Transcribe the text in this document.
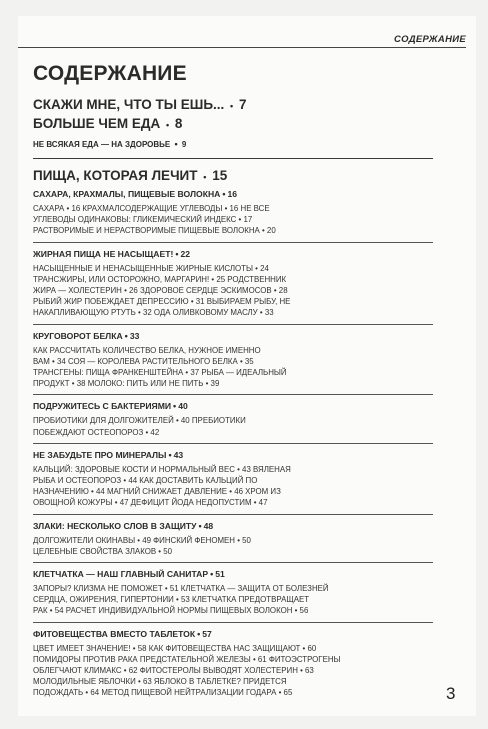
СОДЕРЖАНИЕ
СОДЕРЖАНИЕ

СКАЖИ МНЕ, ЧТО ТЫ ЕШЬ... • 7

БОЛЬШЕ ЧЕМ ЕДА • 8

НЕ ВСЯКАЯ ЕДА — НА ЗДОРОВЬЕ • 9

ПИЩА, КОТОРАЯ ЛЕЧИТ • 15

САХАРА, КРАХМАЛЫ, ПИЩЕВЫЕ ВОЛОКНА • 16

САХАРА • 16 КРАХМАЛСОДЕРЖАЩИЕ УГЛЕВОДЫ • 16 НЕ ВСЕ
УГЛЕВОДЫ ОДИНАКОВЫ: ГЛИКЕМИЧЕСКИЙ ИНДЕКС • 17
РАСТВОРИМЫЕ И НЕРАСТВОРИМЫЕ ПИЩЕВЫЕ ВОЛОКНА • 20

ЖИРНАЯ ПИЩА НЕ НАСЫЩАЕТ! • 22

НАСЫЩЕННЫЕ И НЕНАСЫЩЕННЫЕ ЖИРНЫЕ КИСЛОТЫ • 24
ТРАНСЖИРЫ, ИЛИ ОСТОРОЖНО, МАРГАРИН! • 25 РОДСТВЕННИК
ЖИРА — ХОЛЕСТЕРИН • 26 ЗДОРОВОЕ СЕРДЦЕ ЭСКИМОСОВ • 28
РЫБИЙ ЖИР ПОБЕЖДАЕТ ДЕПРЕССИЮ • 31 ВЫБИРАЕМ РЫБУ, НЕ
НАКАПЛИВАЮЩУЮ РТУТЬ • 32 ОДА ОЛИВКОВОМУ МАСЛУ • 33

КРУГОВОРОТ БЕЛКА • 33

КАК РАССЧИТАТЬ КОЛИЧЕСТВО БЕЛКА, НУЖНОЕ ИМЕННО
ВАМ • 34 СОЯ — КОРОЛЕВА РАСТИТЕЛЬНОГО БЕЛКА • 35
ТРАНСГЕНЫ: ПИЩА ФРАНКЕНШТЕЙНА • 37 РЫБА — ИДЕАЛЬНЫЙ
ПРОДУКТ • 38 МОЛОКО: ПИТЬ ИЛИ НЕ ПИТЬ • 39

ПОДРУЖИТЕСЬ С БАКТЕРИЯМИ • 40

ПРОБИОТИКИ ДЛЯ ДОЛГОЖИТЕЛЕЙ • 40 ПРЕБИОТИКИ
ПОБЕЖДАЮТ ОСТЕОПОРОЗ • 42

НЕ ЗАБУДЬТЕ ПРО МИНЕРАЛЫ • 43

КАЛЬЦИЙ: ЗДОРОВЫЕ КОСТИ И НОРМАЛЬНЫЙ ВЕС • 43 ВЯЛЕНАЯ
РЫБА И ОСТЕОПОРОЗ • 44 КАК ДОСТАВИТЬ КАЛЬЦИЙ ПО
НАЗНАЧЕНИЮ • 44 МАГНИЙ СНИЖАЕТ ДАВЛЕНИЕ • 46 ХРОМ ИЗ
ОВОЩНОЙ КОЖУРЫ • 47 ДЕФИЦИТ ЙОДА НЕДОПУСТИМ • 47

ЗЛАКИ: НЕСКОЛЬКО СЛОВ В ЗАЩИТУ • 48

ДОЛГОЖИТЕЛИ ОКИНАВЫ • 49 ФИНСКИЙ ФЕНОМЕН • 50
ЦЕЛЕБНЫЕ СВОЙСТВА ЗЛАКОВ • 50

КЛЕТЧАТКА — НАШ ГЛАВНЫЙ САНИТАР • 51

ЗАПОРЫ? КЛИЗМА НЕ ПОМОЖЕТ • 51 КЛЕТЧАТКА — ЗАЩИТА ОТ БОЛЕЗНЕЙ
СЕРДЦА, ОЖИРЕНИЯ, ГИПЕРТОНИИ • 53 КЛЕТЧАТКА ПРЕДОТВРАЩАЕТ
РАК • 54 РАСЧЕТ ИНДИВИДУАЛЬНОЙ НОРМЫ ПИЩЕВЫХ ВОЛОКОН • 56

ФИТОВЕЩЕСТВА ВМЕСТО ТАБЛЕТОК • 57

ЦВЕТ ИМЕЕТ ЗНАЧЕНИЕ! • 58 КАК ФИТОВЕЩЕСТВА НАС ЗАЩИЩАЮТ • 60
ПОМИДОРЫ ПРОТИВ РАКА ПРЕДСТАТЕЛЬНОЙ ЖЕЛЕЗЫ • 61 ФИТОЭСТРОГЕНЫ
ОБЛЕГЧАЮТ КЛИМАКС • 62 ФИТОСТЕРОЛЫ ВЫВОДЯТ ХОЛЕСТЕРИН • 63
МОЛОДИЛЬНЫЕ ЯБЛОЧКИ • 63 ЯБЛОКО В ТАБЛЕТКЕ? ПРИДЕТСЯ
ПОДОЖДАТЬ • 64 МЕТОД ПИЩЕВОЙ НЕЙТРАЛИЗАЦИИ ГОДАРА • 65	3
